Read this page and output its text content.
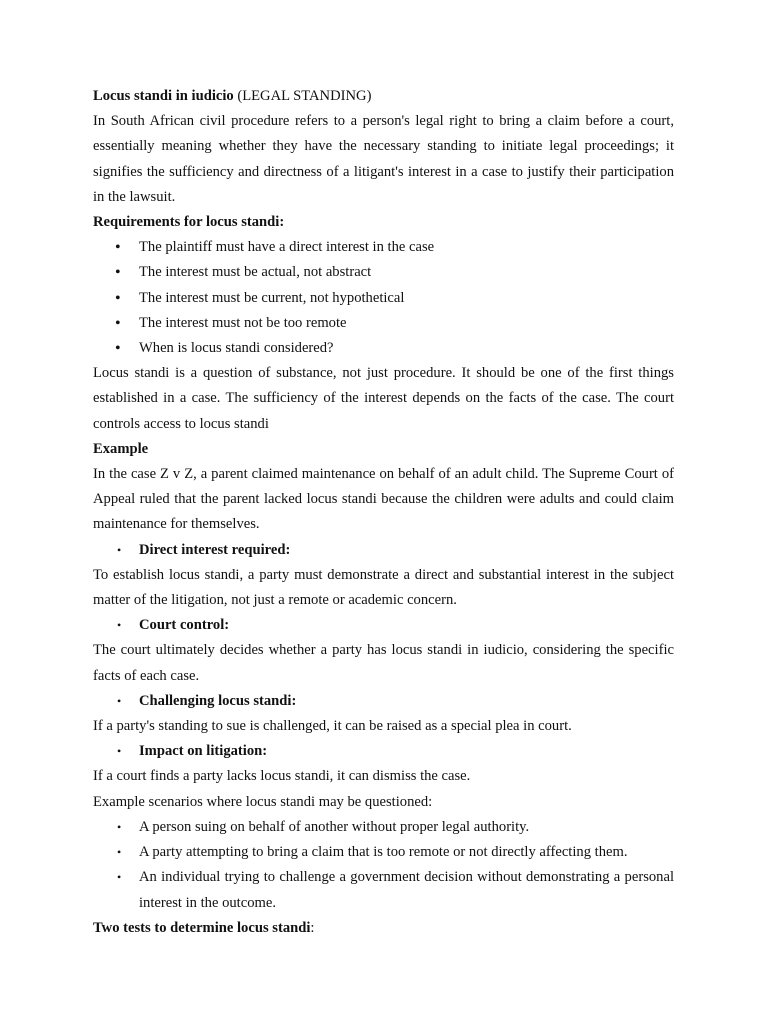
Locus standi in iudicio (LEGAL STANDING)

In South African civil procedure refers to a person's legal right to bring a claim before a court, essentially meaning whether they have the necessary standing to initiate legal proceedings; it signifies the sufficiency and directness of a litigant's interest in a case to justify their participation in the lawsuit.

Requirements for locus standi:

• The plaintiff must have a direct interest in the case
• The interest must be actual, not abstract
• The interest must be current, not hypothetical
• The interest must not be too remote
• When is locus standi considered?

Locus standi is a question of substance, not just procedure. It should be one of the first things established in a case. The sufficiency of the interest depends on the facts of the case. The court controls access to locus standi

Example

In the case Z v Z, a parent claimed maintenance on behalf of an adult child. The Supreme Court of Appeal ruled that the parent lacked locus standi because the children were adults and could claim maintenance for themselves.

• Direct interest required:

To establish locus standi, a party must demonstrate a direct and substantial interest in the subject matter of the litigation, not just a remote or academic concern.

• Court control:

The court ultimately decides whether a party has locus standi in iudicio, considering the specific facts of each case.

• Challenging locus standi:

If a party's standing to sue is challenged, it can be raised as a special plea in court.

• Impact on litigation:

If a court finds a party lacks locus standi, it can dismiss the case.

Example scenarios where locus standi may be questioned:

• A person suing on behalf of another without proper legal authority.
• A party attempting to bring a claim that is too remote or not directly affecting them.
• An individual trying to challenge a government decision without demonstrating a personal interest in the outcome.

Two tests to determine locus standi:
